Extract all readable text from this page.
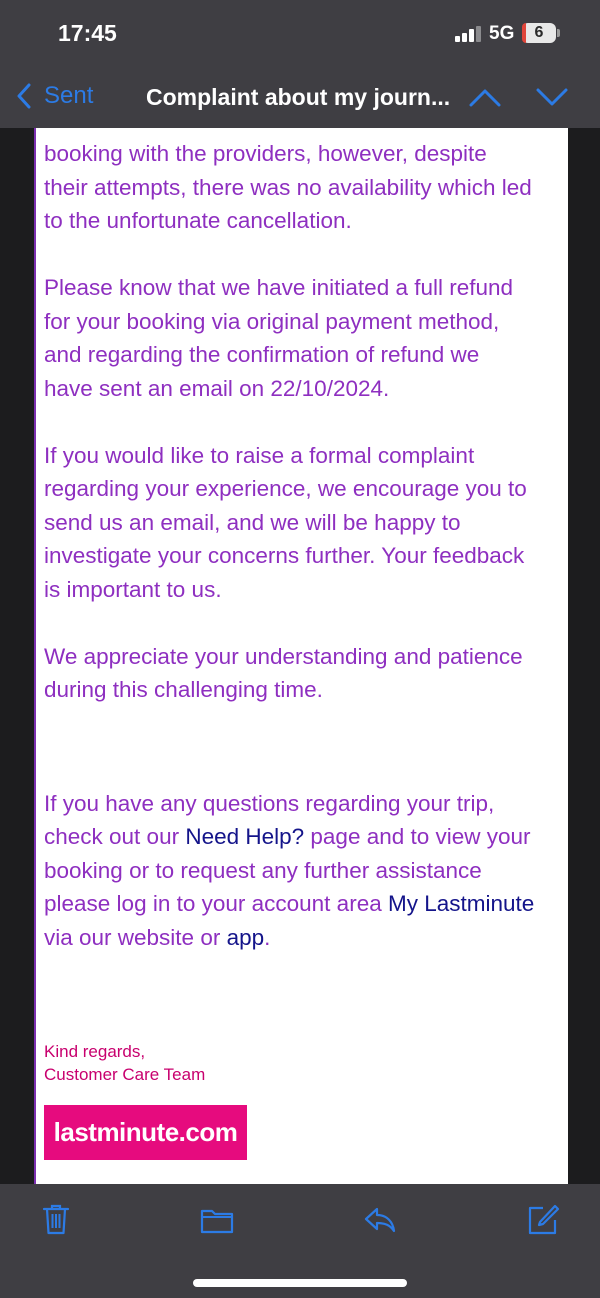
17:45	5G	6
Sent Complaint about my journ...

booking with the providers, however, despite
their attempts, there was no availability which led
to the unfortunate cancellation.

Please know that we have initiated a full refund
for your booking via original payment method,
and regarding the confirmation of refund we
have sent an email on 22/10/2024.

If you would like to raise a formal complaint
regarding your experience, we encourage you to
send us an email, and we will be happy to
investigate your concerns further. Your feedback
is important to us.

We appreciate your understanding and patience
during this challenging time.

If you have any questions regarding your trip,
check out our Need Help? page and to view your
booking or to request any further assistance
please log in to your account area My Lastminute
via our website or app.

Kind regards,
Customer Care Team
lastminute.com
